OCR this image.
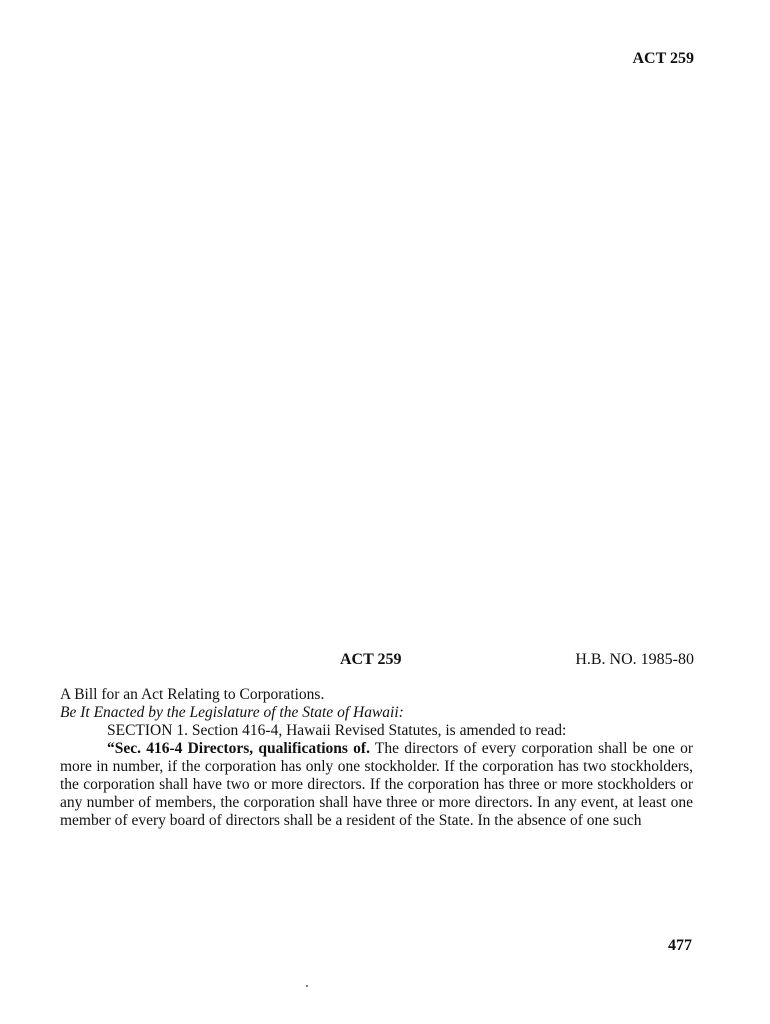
ACT 259
ACT 259	H.B. NO. 1985-80

A Bill for an Act Relating to Corporations.

Be It Enacted by the Legislature of the State of Hawaii:

SECTION 1. Section 416-4, Hawaii Revised Statutes, is amended to read:

“Sec. 416-4 Directors, qualifications of. The directors of every corporation shall be one or more in number, if the corporation has only one stockholder. If the corporation has two stockholders, the corporation shall have two or more directors. If the corporation has three or more stockholders or any number of members, the corporation shall have three or more directors. In any event, at least one member of every board of directors shall be a resident of the State. In the absence of one such

477
